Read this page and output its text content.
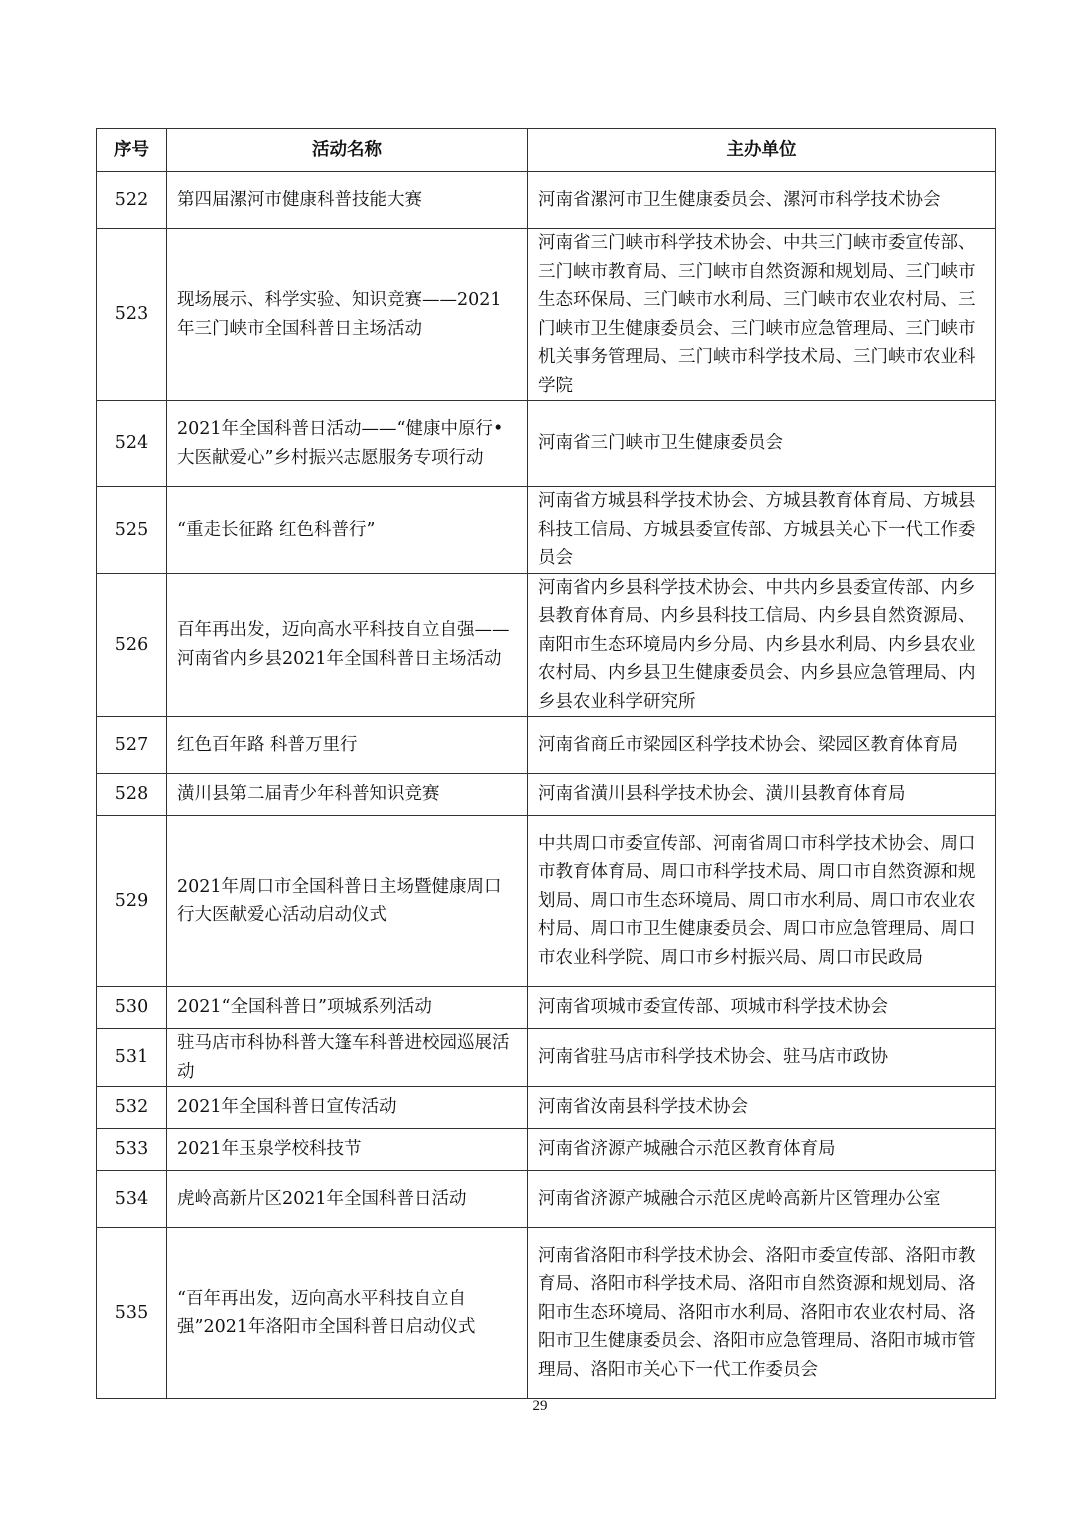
序号	活动名称	主办单位
522	第四届漯河市健康科普技能大赛	河南省漯河市卫生健康委员会、漯河市科学技术协会
523	现场展示、科学实验、知识竞赛——2021年三门峡市全国科普日主场活动	河南省三门峡市科学技术协会、中共三门峡市委宣传部、三门峡市教育局、三门峡市自然资源和规划局、三门峡市生态环保局、三门峡市水利局、三门峡市农业农村局、三门峡市卫生健康委员会、三门峡市应急管理局、三门峡市机关事务管理局、三门峡市科学技术局、三门峡市农业科学院
524	2021年全国科普日活动——“健康中原行•大医献爱心”乡村振兴志愿服务专项行动	河南省三门峡市卫生健康委员会
525	“重走长征路 红色科普行”	河南省方城县科学技术协会、方城县教育体育局、方城县科技工信局、方城县委宣传部、方城县关心下一代工作委员会
526	百年再出发，迈向高水平科技自立自强——河南省内乡县2021年全国科普日主场活动	河南省内乡县科学技术协会、中共内乡县委宣传部、内乡县教育体育局、内乡县科技工信局、内乡县自然资源局、南阳市生态环境局内乡分局、内乡县水利局、内乡县农业农村局、内乡县卫生健康委员会、内乡县应急管理局、内乡县农业科学研究所
527	红色百年路 科普万里行	河南省商丘市梁园区科学技术协会、梁园区教育体育局
528	潢川县第二届青少年科普知识竞赛	河南省潢川县科学技术协会、潢川县教育体育局
529	2021年周口市全国科普日主场暨健康周口行大医献爱心活动启动仪式	中共周口市委宣传部、河南省周口市科学技术协会、周口市教育体育局、周口市科学技术局、周口市自然资源和规划局、周口市生态环境局、周口市水利局、周口市农业农村局、周口市卫生健康委员会、周口市应急管理局、周口市农业科学院、周口市乡村振兴局、周口市民政局
530	2021“全国科普日”项城系列活动	河南省项城市委宣传部、项城市科学技术协会
531	驻马店市科协科普大篷车科普进校园巡展活动	河南省驻马店市科学技术协会、驻马店市政协
532	2021年全国科普日宣传活动	河南省汝南县科学技术协会
533	2021年玉泉学校科技节	河南省济源产城融合示范区教育体育局
534	虎岭高新片区2021年全国科普日活动	河南省济源产城融合示范区虎岭高新片区管理办公室
535	“百年再出发，迈向高水平科技自立自强”2021年洛阳市全国科普日启动仪式	河南省洛阳市科学技术协会、洛阳市委宣传部、洛阳市教育局、洛阳市科学技术局、洛阳市自然资源和规划局、洛阳市生态环境局、洛阳市水利局、洛阳市农业农村局、洛阳市卫生健康委员会、洛阳市应急管理局、洛阳市城市管理局、洛阳市关心下一代工作委员会
29
